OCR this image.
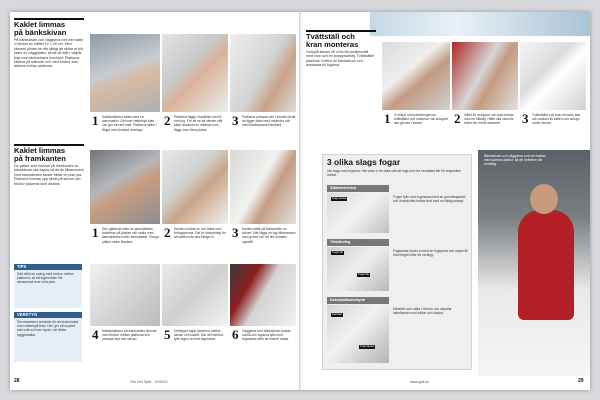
Kaklet limmas
på bänkskivan
På bänkskivan och väggarna runt den satte vi klinker av måttet 10 × 40 cm. Med skivans plintar de där viktigt att skära ut två rader av väggplattor, så att de står i vågrät linje mot bänkskivans överkant. Plattorna klistras på stående och med brickor som distans mellan plattorna.
1 Kakelplattorna skärs med en stenmaskin. Den har vattenkylt blad och ger ett rent snitt. Plattorna skärs i längd med önskad överlapp.
2 Plattorna läggs i kaklellim med 6 mm fog. För att se att stenen står plant används en rätskiva som läggs över flera plattor.
3 Plattorna pressas ned i limmet så att de ligger plant med varandra och med bänkskivans framkant.
Kaklet limmas
på framkanten
De plattor som limmas på framkanten av bänkskivan ska kapas så att de tillsammans med bänkskivans kanter bildar en plan yta. Plattorna limmas upp direkt på skivan och brickor placeras som distans.
1 Den gällande biten av gavelplattan markeras på plattan och skärs med kakelskäraren eller stenmaskin. Övriga plattor skärs likadant.
2 Kanten rundas av och tätas med förfogspenna. Det är nödvändigt för att vatten inte ska tränga in.	3 Kanten sätts på framkanten av skivan. Här läggs en fog tillsammans med golvet och ett fint mönster uppstår.
4 Kakelplattorna på framkanten limmas med brickor mellan plattorna och pressas fast mot skivan.	5 Verktyget fogar kanterna mellan skivan och kaklet. Där det behövs fylls fogen ut med fogmassa.	6 Väggarna runt bänkskivan kaklas också och fogarna fylls med fogmassa efter att limmet torkat.
TIPS
Sätt alltid en sväng med brickor mellan plattorna, så att fogbredden blir densamma över hela ytan.
VERKTYG
Stenmaskinen används för att skära kakel med vattenkylt blad. Den ger ett mycket rakt snitt och kan hyras i de flesta bygghandlar.
28	Gör Det Själv · 10/2013
Tvättställ och
kran monteras
Ovanpå skivan vill vi ha ett porslinsställ med kran och en avloppsdetalj. Tvättstället placeras i mitten av bänkskivan och anpassas till fogarna.
1 Vi börjar med placeringen av tvättstället och markerar var avloppet ska gå ned i skivan.	2 Hålet för avloppet och kran borras med en hålsåg. Hålet ska vara lite större än rörets diameter.	3 Tvättstället och kran skruvas fast och ansluts till vatten och avlopp under skivan.
3 olika slags fogar
Var noga med fogarna. Här visar vi tre olika sätt att foga och hur resultatet blir för respektive metod.
Stålarbete/härd
Fogen fylls med fogmassa med en gummispackel och överskottet torkas bort med en fuktig svamp.
Fogmassa
Träskärvfog
Fogmassa trycks in med en fogspruta och stryks till med fingret eller ett verktyg.
Fogbruk
Fogbruk
Kakelplattkantskydd
Metallist som sätts i hörnen och skyddar kakelkanten mot stötar och skador.
Kantlist
Fogmassa
Bänkskivan och väggarna runt om kaklas med samma plattor, så att helheten blir enhetlig.
www.gds.se	29
